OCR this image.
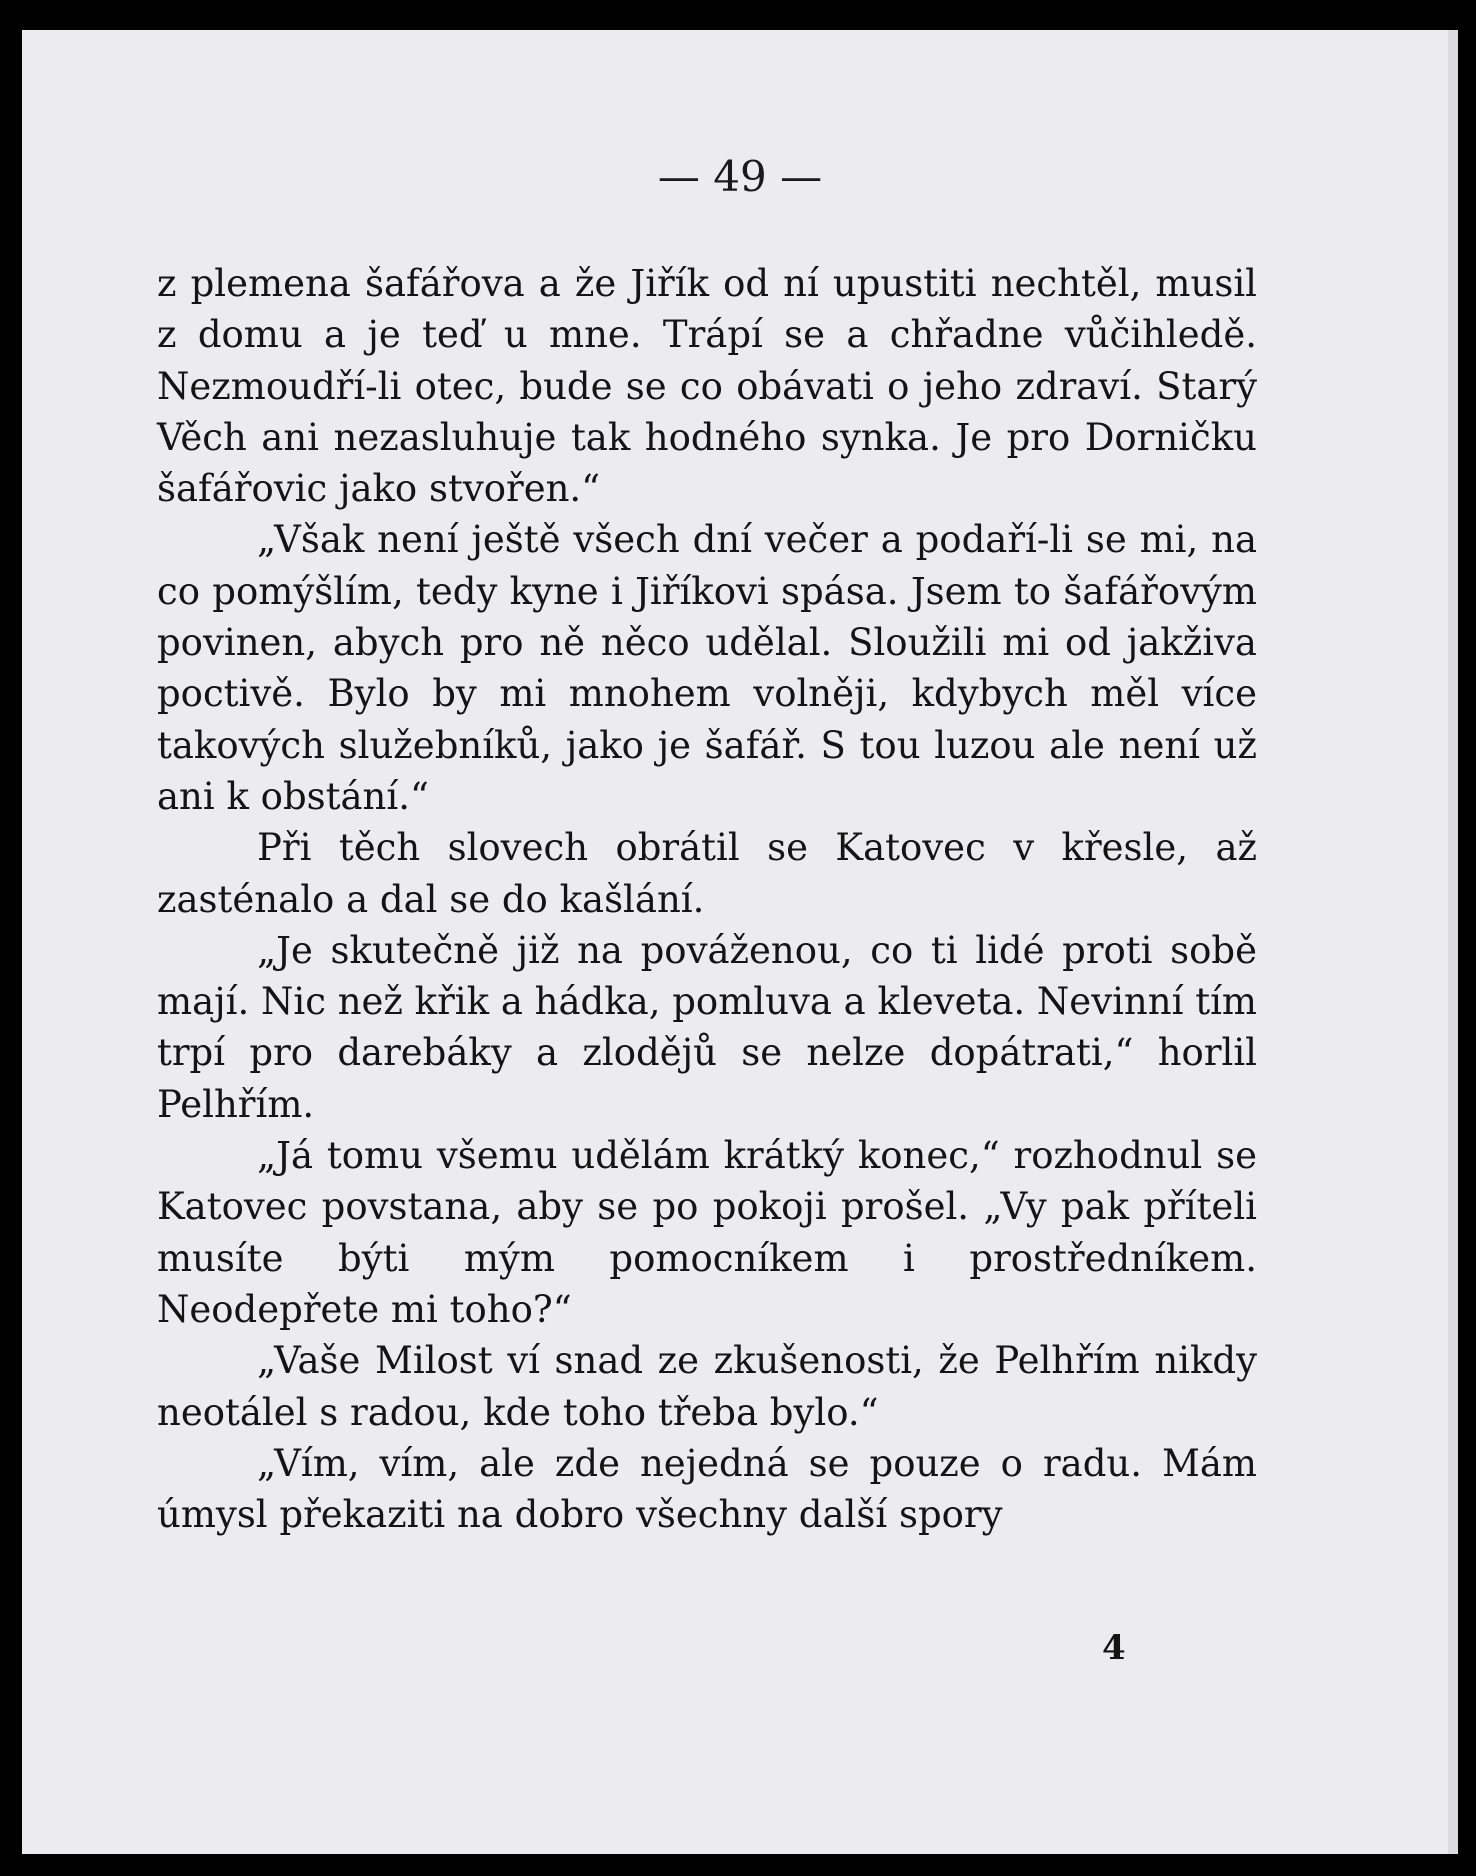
— 49 —

z plemena šafářova a že Jiřík od ní upustiti nechtěl, musil z domu a je teď u mne. Trápí se a chřadne vůčihledě. Nezmoudří-li otec, bude se co obávati o jeho zdraví. Starý Věch ani nezasluhuje tak hodného synka. Je pro Dorničku šafářovic jako stvořen.“

„Však není ještě všech dní večer a podaří-li se mi, na co pomýšlím, tedy kyne i Jiříkovi spása. Jsem to šafářovým povinen, abych pro ně něco udělal. Sloužili mi od jakživa poctivě. Bylo by mi mnohem volněji, kdybych měl více takových služebníků, jako je šafář. S tou luzou ale není už ani k obstání.“

Při těch slovech obrátil se Katovec v křesle, až zasténalo a dal se do kašlání.

„Je skutečně již na pováženou, co ti lidé proti sobě mají. Nic než křik a hádka, pomluva a kleveta. Nevinní tím trpí pro darebáky a zlodějů se nelze dopátrati,“ horlil Pelhřím.

„Já tomu všemu udělám krátký konec,“ rozhodnul se Katovec povstana, aby se po pokoji prošel. „Vy pak příteli musíte býti mým pomocníkem i prostředníkem. Neodepřete mi toho?“

„Vaše Milost ví snad ze zkušenosti, že Pelhřím nikdy neotálel s radou, kde toho třeba bylo.“

„Vím, vím, ale zde nejedná se pouze o radu. Mám úmysl překaziti na dobro všechny další spory

4
